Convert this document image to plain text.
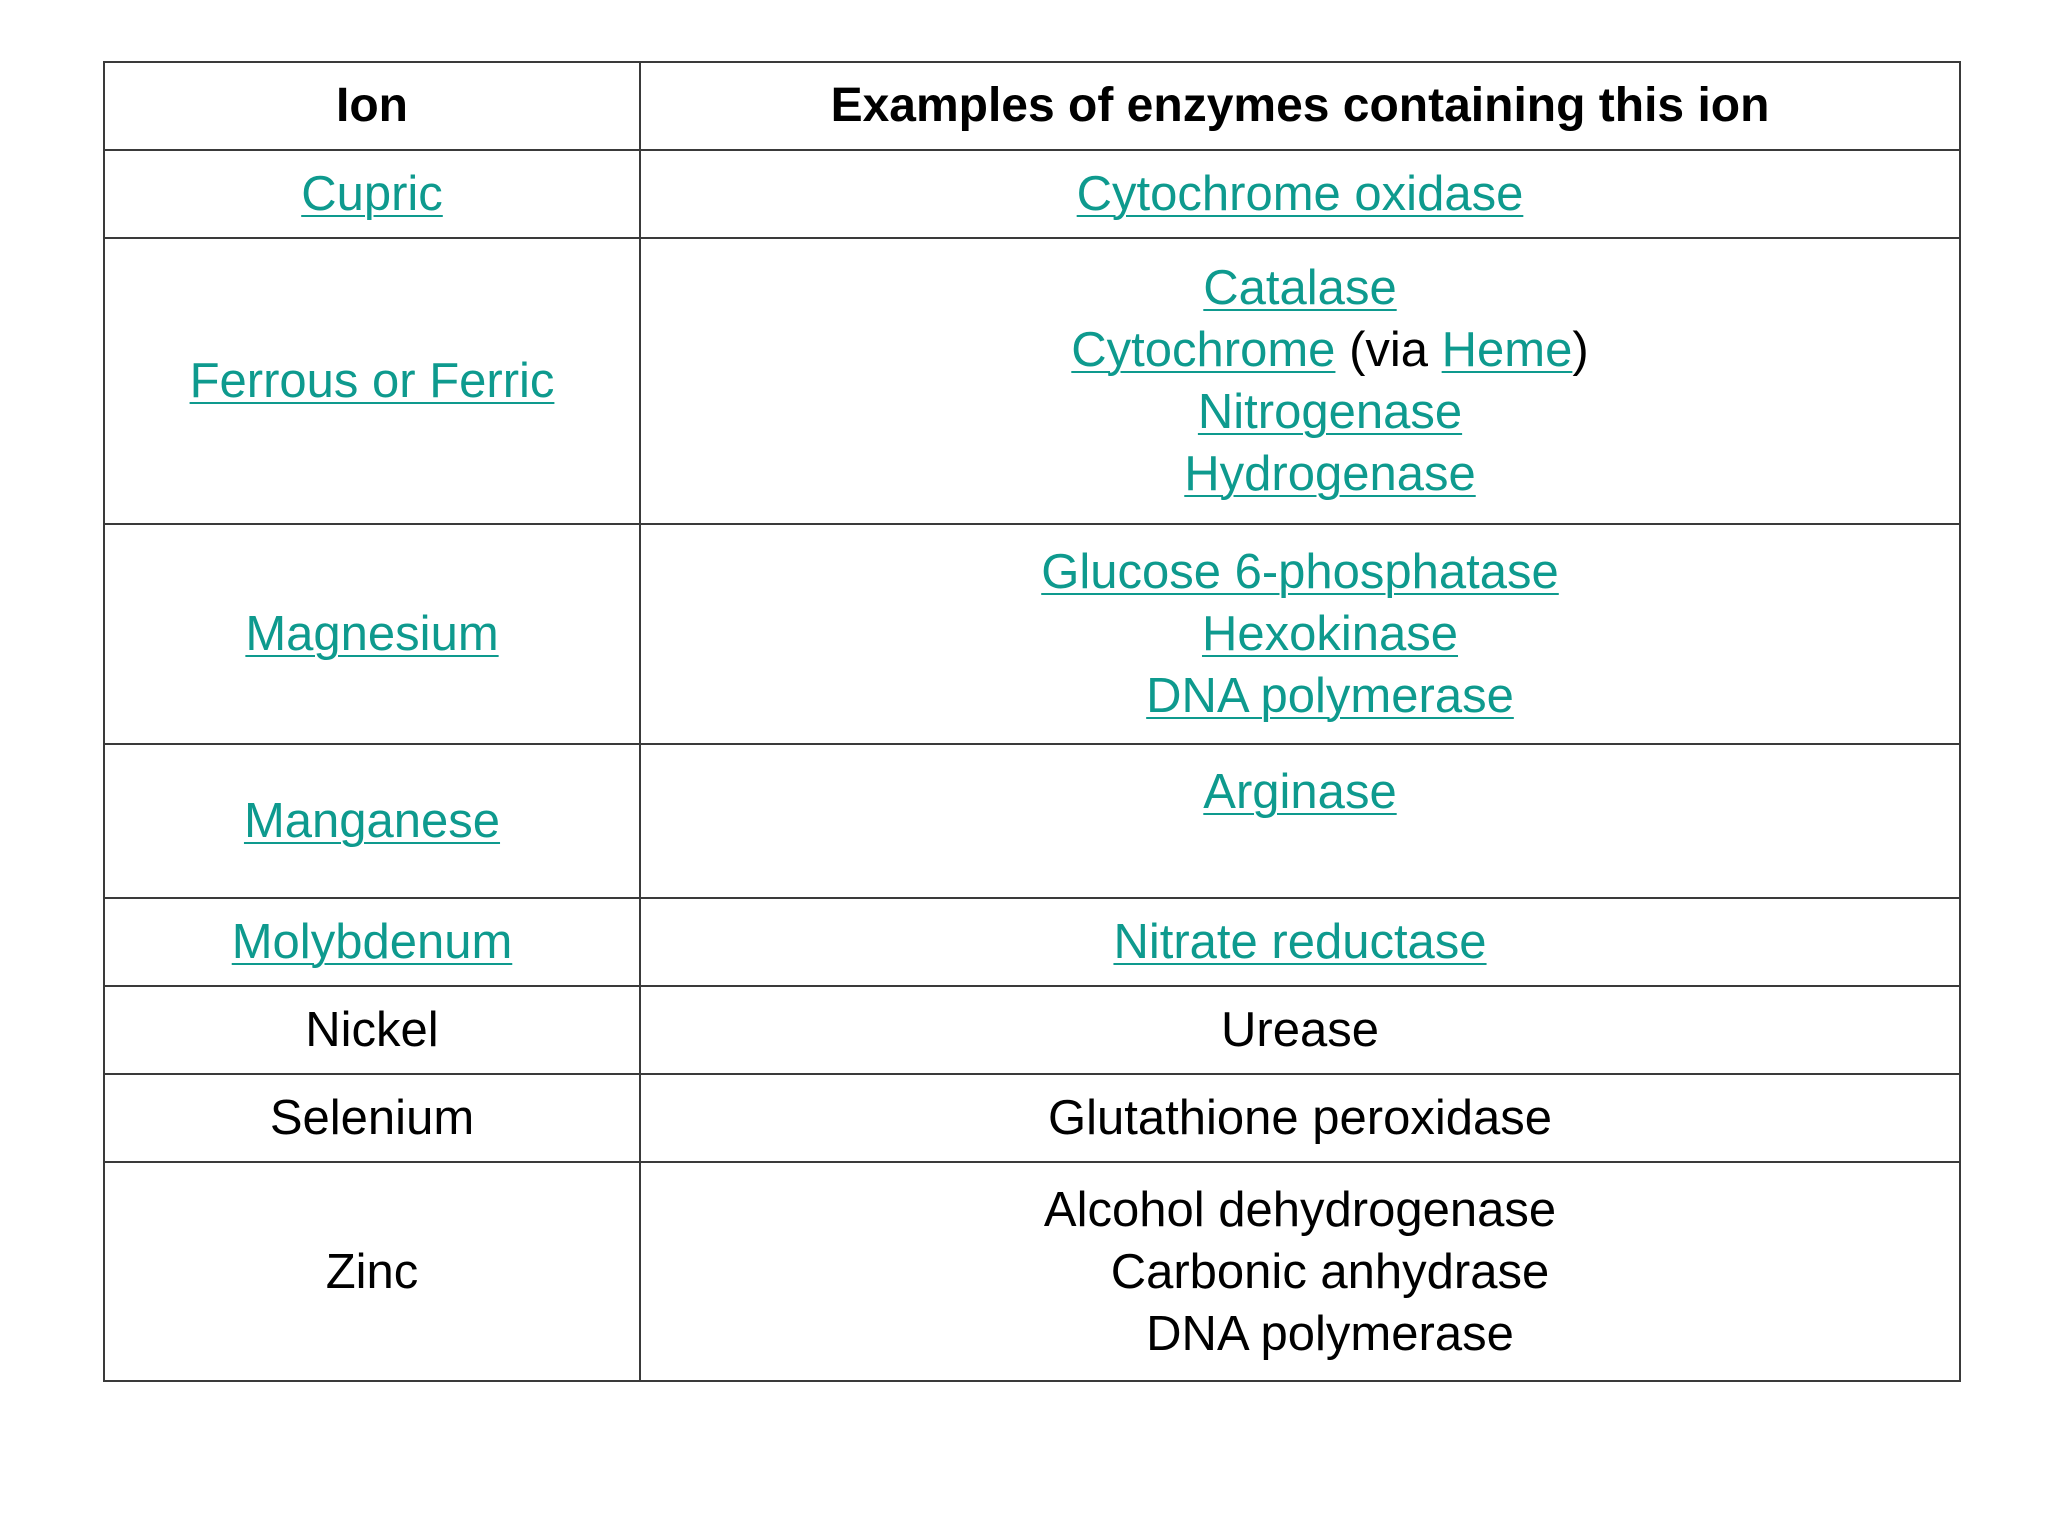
Ion	Examples of enzymes containing this ion
Cupric	Cytochrome oxidase
Ferrous or Ferric	Catalase
Cytochrome (via Heme)
Nitrogenase
Hydrogenase

Magnesium	Glucose 6-phosphatase
Hexokinase
DNA polymerase

Manganese	Arginase
Molybdenum	Nitrate reductase
Nickel	Urease
Selenium	Glutathione peroxidase
Zinc	Alcohol dehydrogenase
Carbonic anhydrase
DNA polymerase
